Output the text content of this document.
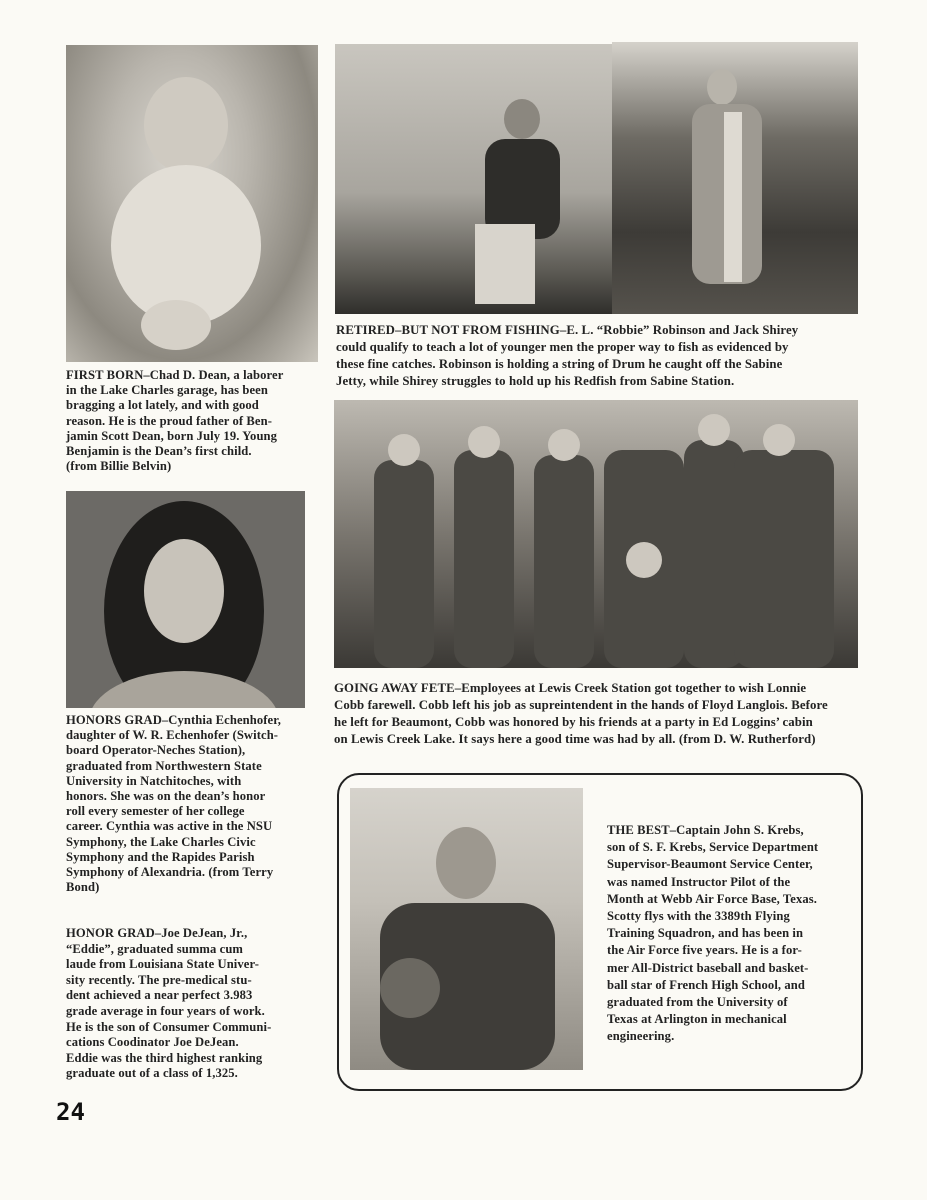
FIRST BORN–Chad D. Dean, a laborer
in the Lake Charles garage, has been
bragging a lot lately, and with good
reason. He is the proud father of Ben-
jamin Scott Dean, born July 19. Young
Benjamin is the Dean’s first child.
(from Billie Belvin)
HONORS GRAD–Cynthia Echenhofer,
daughter of W. R. Echenhofer (Switch-
board Operator-Neches Station),
graduated from Northwestern State
University in Natchitoches, with
honors. She was on the dean’s honor
roll every semester of her college
career. Cynthia was active in the NSU
Symphony, the Lake Charles Civic
Symphony and the Rapides Parish
Symphony of Alexandria. (from Terry
Bond)
HONOR GRAD–Joe DeJean, Jr.,
“Eddie”, graduated summa cum
laude from Louisiana State Univer-
sity recently. The pre-medical stu-
dent achieved a near perfect 3.983
grade average in four years of work.
He is the son of Consumer Communi-
cations Coodinator Joe DeJean.
Eddie was the third highest ranking
graduate out of a class of 1,325.
RETIRED–BUT NOT FROM FISHING–E. L. “Robbie” Robinson and Jack Shirey
could qualify to teach a lot of younger men the proper way to fish as evidenced by
these fine catches. Robinson is holding a string of Drum he caught off the Sabine
Jetty, while Shirey struggles to hold up his Redfish from Sabine Station.
GOING AWAY FETE–Employees at Lewis Creek Station got together to wish Lonnie
Cobb farewell. Cobb left his job as supreintendent in the hands of Floyd Langlois. Before
he left for Beaumont, Cobb was honored by his friends at a party in Ed Loggins’ cabin
on Lewis Creek Lake. It says here a good time was had by all. (from D. W. Rutherford)
THE BEST–Captain John S. Krebs,
son of S. F. Krebs, Service Department
Supervisor-Beaumont Service Center,
was named Instructor Pilot of the
Month at Webb Air Force Base, Texas.
Scotty flys with the 3389th Flying
Training Squadron, and has been in
the Air Force five years. He is a for-
mer All-District baseball and basket-
ball star of French High School, and
graduated from the University of
Texas at Arlington in mechanical
engineering.
24
